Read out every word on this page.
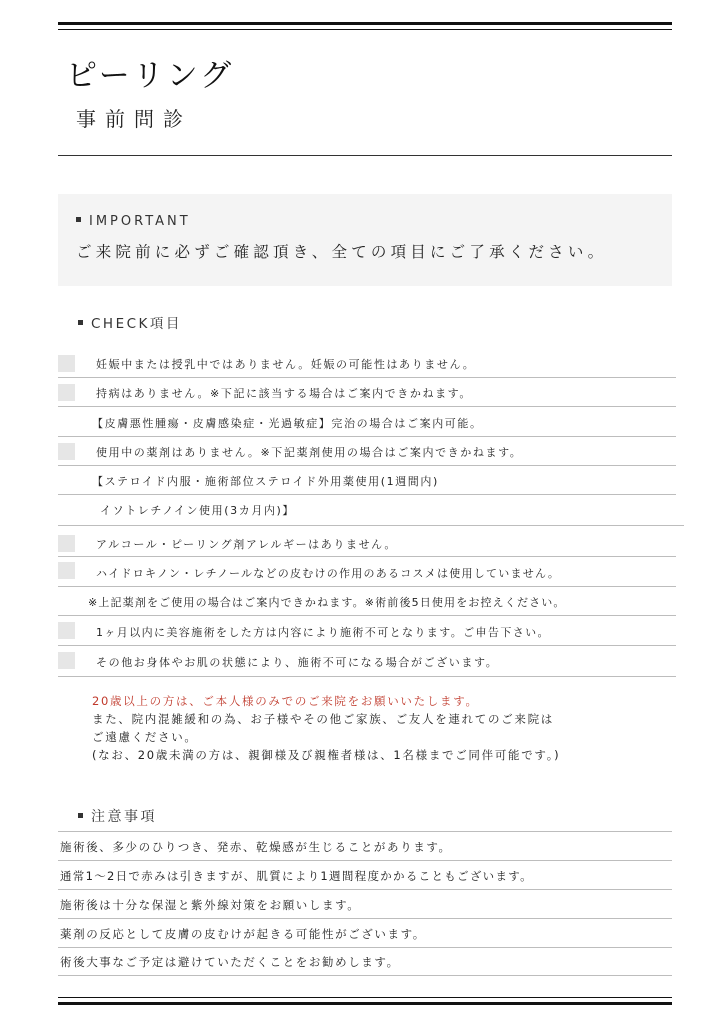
ピーリング
事前問診
IMPORTANT
ご来院前に必ずご確認頂き、全ての項目にご了承ください。
CHECK項目
妊娠中または授乳中ではありません。妊娠の可能性はありません。
持病はありません。※下記に該当する場合はご案内できかねます。
【皮膚悪性腫瘍・皮膚感染症・光過敏症】完治の場合はご案内可能。
使用中の薬剤はありません。※下記薬剤使用の場合はご案内できかねます。
【ステロイド内服・施術部位ステロイド外用薬使用(1週間内)
イソトレチノイン使用(3カ月内)】
アルコール・ピーリング剤アレルギーはありません。
ハイドロキノン・レチノールなどの皮むけの作用のあるコスメは使用していません。
※上記薬剤をご使用の場合はご案内できかねます。※術前後5日使用をお控えください。
1ヶ月以内に美容施術をした方は内容により施術不可となります。ご申告下さい。
その他お身体やお肌の状態により、施術不可になる場合がございます。
20歳以上の方は、ご本人様のみでのご来院をお願いいたします。
また、院内混雑緩和の為、お子様やその他ご家族、ご友人を連れてのご来院は
ご遠慮ください。
(なお、20歳未満の方は、親御様及び親権者様は、1名様までご同伴可能です。)
注意事項
施術後、多少のひりつき、発赤、乾燥感が生じることがあります。
通常1〜2日で赤みは引きますが、肌質により1週間程度かかることもございます。
施術後は十分な保湿と紫外線対策をお願いします。
薬剤の反応として皮膚の皮むけが起きる可能性がございます。
術後大事なご予定は避けていただくことをお勧めします。
